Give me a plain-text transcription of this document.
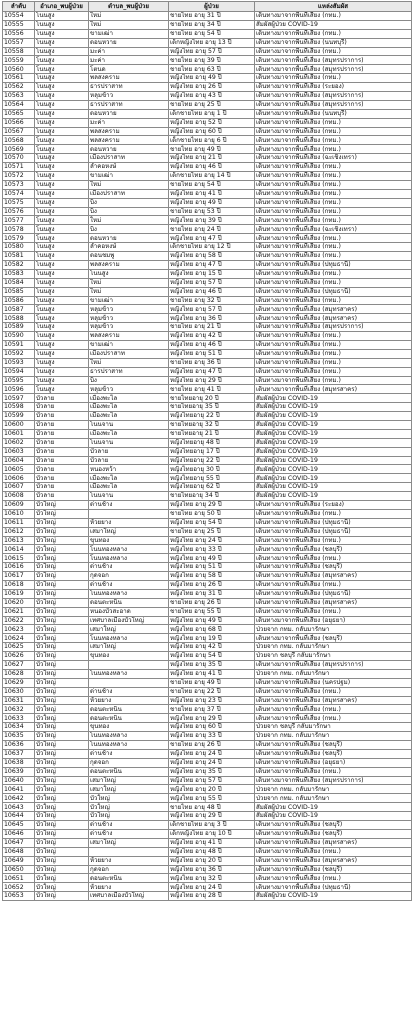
ลำดับ	อำเภอ_พบผู้ป่วย	ตำบล_พบผู้ป่วย	ผู้ป่วย	แหล่งสัมผัส
10554	โนนสูง	ใหม่	ชายไทย อายุ 31 ปี	เดินทางมาจากพื้นที่เสี่ยง (กทม.)
10555	โนนสูง	ใหม่	ชายไทย อายุ 34 ปี	สัมผัสผู้ป่วย COVID-19
10556	โนนสูง	ขามเฒ่า	ชายไทย อายุ 54 ปี	เดินทางมาจากพื้นที่เสี่ยง (กทม.)
10557	โนนสูง	ดอนหวาย	เด็กหญิงไทย อายุ 13 ปี	เดินทางมาจากพื้นที่เสี่ยง (นนทบุรี)
10558	โนนสูง	มะค่า	หญิงไทย อายุ 57 ปี	เดินทางมาจากพื้นที่เสี่ยง (กทม.)
10559	โนนสูง	มะค่า	ชายไทย อายุ 39 ปี	เดินทางมาจากพื้นที่เสี่ยง (สมุทรปราการ)
10560	โนนสูง	โตนด	ชายไทย อายุ 63 ปี	เดินทางมาจากพื้นที่เสี่ยง (สมุทรปราการ)
10561	โนนสูง	พลสงคราม	หญิงไทย อายุ 49 ปี	เดินทางมาจากพื้นที่เสี่ยง (กทม.)
10562	โนนสูง	ธารปราสาท	หญิงไทย อายุ 26 ปี	เดินทางมาจากพื้นที่เสี่ยง (ระยอง)
10563	โนนสูง	หลุมข้าว	หญิงไทย อายุ 43 ปี	เดินทางมาจากพื้นที่เสี่ยง (สมุทรปราการ)
10564	โนนสูง	ธารปราสาท	ชายไทย อายุ 25 ปี	เดินทางมาจากพื้นที่เสี่ยง (สมุทรปราการ)
10565	โนนสูง	ดอนหวาย	เด็กชายไทย อายุ 1 ปี	เดินทางมาจากพื้นที่เสี่ยง (นนทบุรี)
10566	โนนสูง	มะค่า	หญิงไทย อายุ 52 ปี	เดินทางมาจากพื้นที่เสี่ยง (กทม.)
10567	โนนสูง	พลสงคราม	หญิงไทย อายุ 60 ปี	เดินทางมาจากพื้นที่เสี่ยง (กทม.)
10568	โนนสูง	พลสงคราม	เด็กชายไทย อายุ 6 ปี	เดินทางมาจากพื้นที่เสี่ยง (กทม.)
10569	โนนสูง	ดอนหวาย	ชายไทย อายุ 49 ปี	เดินทางมาจากพื้นที่เสี่ยง (กทม.)
10570	โนนสูง	เมืองปราสาท	หญิงไทย อายุ 21 ปี	เดินทางมาจากพื้นที่เสี่ยง (ฉะเชิงเทรา)
10571	โนนสูง	ลำคอหงษ์	หญิงไทย อายุ 46 ปี	เดินทางมาจากพื้นที่เสี่ยง (กทม.)
10572	โนนสูง	ขามเฒ่า	เด็กชายไทย อายุ 14 ปี	เดินทางมาจากพื้นที่เสี่ยง (กทม.)
10573	โนนสูง	ใหม่	ชายไทย อายุ 54 ปี	เดินทางมาจากพื้นที่เสี่ยง (กทม.)
10574	โนนสูง	เมืองปราสาท	หญิงไทย อายุ 41 ปี	เดินทางมาจากพื้นที่เสี่ยง (กทม.)
10575	โนนสูง	บิง	หญิงไทย อายุ 49 ปี	เดินทางมาจากพื้นที่เสี่ยง (กทม.)
10576	โนนสูง	บิง	ชายไทย อายุ 53 ปี	เดินทางมาจากพื้นที่เสี่ยง (กทม.)
10577	โนนสูง	ใหม่	หญิงไทย อายุ 39 ปี	เดินทางมาจากพื้นที่เสี่ยง (กทม.)
10578	โนนสูง	บิง	ชายไทย อายุ 24 ปี	เดินทางมาจากพื้นที่เสี่ยง (ฉะเชิงเทรา)
10579	โนนสูง	ดอนหวาย	หญิงไทย อายุ 47 ปี	เดินทางมาจากพื้นที่เสี่ยง (กทม.)
10580	โนนสูง	ลำคอหงษ์	เด็กชายไทย อายุ 12 ปี	เดินทางมาจากพื้นที่เสี่ยง (กทม.)
10581	โนนสูง	ดอนชมพู	หญิงไทย อายุ 58 ปี	เดินทางมาจากพื้นที่เสี่ยง (กทม.)
10582	โนนสูง	พลสงคราม	หญิงไทย อายุ 47 ปี	เดินทางมาจากพื้นที่เสี่ยง (ปทุมธานี)
10583	โนนสูง	โนนสูง	หญิงไทย อายุ 15 ปี	เดินทางมาจากพื้นที่เสี่ยง (กทม.)
10584	โนนสูง	ใหม่	หญิงไทย อายุ 57 ปี	เดินทางมาจากพื้นที่เสี่ยง (กทม.)
10585	โนนสูง	ใหม่	หญิงไทย อายุ 46 ปี	เดินทางมาจากพื้นที่เสี่ยง (ปทุมธานี)
10586	โนนสูง	ขามเฒ่า	ชายไทย อายุ 32 ปี	เดินทางมาจากพื้นที่เสี่ยง (กทม.)
10587	โนนสูง	หลุมข้าว	หญิงไทย อายุ 57 ปี	เดินทางมาจากพื้นที่เสี่ยง (สมุทรสาคร)
10588	โนนสูง	หลุมข้าว	หญิงไทย อายุ 36 ปี	เดินทางมาจากพื้นที่เสี่ยง (สมุทรสาคร)
10589	โนนสูง	หลุมข้าว	ชายไทย อายุ 21 ปี	เดินทางมาจากพื้นที่เสี่ยง (สมุทรปราการ)
10590	โนนสูง	พลสงคราม	หญิงไทย อายุ 42 ปี	เดินทางมาจากพื้นที่เสี่ยง (กทม.)
10591	โนนสูง	ขามเฒ่า	หญิงไทย อายุ 46 ปี	เดินทางมาจากพื้นที่เสี่ยง (กทม.)
10592	โนนสูง	เมืองปราสาท	หญิงไทย อายุ 51 ปี	เดินทางมาจากพื้นที่เสี่ยง (กทม.)
10593	โนนสูง	ใหม่	ชายไทย อายุ 36 ปี	เดินทางมาจากพื้นที่เสี่ยง (กทม.)
10594	โนนสูง	ธารปราสาท	หญิงไทย อายุ 47 ปี	เดินทางมาจากพื้นที่เสี่ยง (กทม.)
10595	โนนสูง	บิง	หญิงไทย อายุ 29 ปี	เดินทางมาจากพื้นที่เสี่ยง (กทม.)
10596	โนนสูง	หลุมข้าว	ชายไทย อายุ 41 ปี	เดินทางมาจากพื้นที่เสี่ยง (สมุทรสาคร)
10597	บัวลาย	เมืองพะไล	ชายไทยอายุ 20 ปี	สัมผัสผู้ป่วย COVID-19
10598	บัวลาย	เมืองพะไล	ชายไทยอายุ 35 ปี	สัมผัสผู้ป่วย COVID-19
10599	บัวลาย	เมืองพะไล	หญิงไทยอายุ 22 ปี	สัมผัสผู้ป่วย COVID-19
10600	บัวลาย	โนนจาน	ชายไทยอายุ 32 ปี	สัมผัสผู้ป่วย COVID-19
10601	บัวลาย	เมืองพะไล	ชายไทยอายุ 21 ปี	สัมผัสผู้ป่วย COVID-19
10602	บัวลาย	โนนจาน	หญิงไทยอายุ 48 ปี	สัมผัสผู้ป่วย COVID-19
10603	บัวลาย	บัวลาย	หญิงไทยอายุ 17 ปี	สัมผัสผู้ป่วย COVID-19
10604	บัวลาย	บัวลาย	หญิงไทยอายุ 22 ปี	สัมผัสผู้ป่วย COVID-19
10605	บัวลาย	หนองหว้า	หญิงไทยอายุ 30 ปี	สัมผัสผู้ป่วย COVID-19
10606	บัวลาย	เมืองพะไล	หญิงไทยอายุ 55 ปี	สัมผัสผู้ป่วย COVID-19
10607	บัวลาย	เมืองพะไล	หญิงไทยอายุ 62 ปี	สัมผัสผู้ป่วย COVID-19
10608	บัวลาย	โนนจาน	ชายไทยอายุ 34 ปี	สัมผัสผู้ป่วย COVID-19
10609	บัวใหญ่	ด่านช้าง	หญิงไทย อายุ 29 ปี	เดินทางมาจากพื้นที่เสี่ยง (ระยอง)
10610	บัวใหญ่		ชายไทย อายุ 50 ปี	เดินทางมาจากพื้นที่เสี่ยง (กทม.)
10611	บัวใหญ่	ห้วยยาง	หญิงไทย อายุ 54 ปี	เดินทางมาจากพื้นที่เสี่ยง (ปทุมธานี)
10612	บัวใหญ่	เสมาใหญ่	ชายไทย อายุ 25 ปี	เดินทางมาจากพื้นที่เสี่ยง (ปทุมธานี)
10613	บัวใหญ่	ขุนทอง	หญิงไทย อายุ 24 ปี	เดินทางมาจากพื้นที่เสี่ยง (กทม.)
10614	บัวใหญ่	โนนทองหลาง	หญิงไทย อายุ 33 ปี	เดินทางมาจากพื้นที่เสี่ยง (ชลบุรี)
10615	บัวใหญ่	โนนทองหลาง	หญิงไทย อายุ 49 ปี	เดินทางมาจากพื้นที่เสี่ยง (กทม.)
10616	บัวใหญ่	ด่านช้าง	หญิงไทย อายุ 51 ปี	เดินทางมาจากพื้นที่เสี่ยง (ชลบุรี)
10617	บัวใหญ่	กุดจอก	หญิงไทย อายุ 58 ปี	เดินทางมาจากพื้นที่เสี่ยง (สมุทรสาคร)
10618	บัวใหญ่	ด่านช้าง	หญิงไทย อายุ 26 ปี	เดินทางมาจากพื้นที่เสี่ยง (กทม.)
10619	บัวใหญ่	โนนทองหลาง	หญิงไทย อายุ 31 ปี	เดินทางมาจากพื้นที่เสี่ยง (ปทุมธานี)
10620	บัวใหญ่	ดอนตะหนิน	ชายไทย อายุ 26 ปี	เดินทางมาจากพื้นที่เสี่ยง (สมุทรสาคร)
10621	บัวใหญ่	หนองบัวสะอาด	ชายไทย อายุ 55 ปี	เดินทางมาจากพื้นที่เสี่ยง (กทม.)
10622	บัวใหญ่	เทศบาลเมืองบัวใหญ่	หญิงไทย อายุ 49 ปี	เดินทางมาจากพื้นที่เสี่ยง (อยุธยา)
10623	บัวใหญ่	เสมาใหญ่	หญิงไทย อายุ 68 ปี	ป่วยจาก กทม. กลับมารักษา
10624	บัวใหญ่	โนนทองหลาง	หญิงไทย อายุ 19 ปี	เดินทางมาจากพื้นที่เสี่ยง (ชลบุรี)
10625	บัวใหญ่	เสมาใหญ่	หญิงไทย อายุ 42 ปี	ป่วยจาก กทม. กลับมารักษา
10626	บัวใหญ่	ขุนทอง	หญิงไทย อายุ 54 ปี	ป่วยจาก ชลบุรี กลับมารักษา
10627	บัวใหญ่		หญิงไทย อายุ 35 ปี	เดินทางมาจากพื้นที่เสี่ยง (สมุทรปราการ)
10628	บัวใหญ่	โนนทองหลาง	หญิงไทย อายุ 41 ปี	ป่วยจาก กทม. กลับมารักษา
10629	บัวใหญ่		ชายไทย อายุ 49 ปี	เดินทางมาจากพื้นที่เสี่ยง (นครปฐม)
10630	บัวใหญ่	ด่านช้าง	ชายไทย อายุ 22 ปี	เดินทางมาจากพื้นที่เสี่ยง (กทม.)
10631	บัวใหญ่	ห้วยยาง	หญิงไทย อายุ 23 ปี	เดินทางมาจากพื้นที่เสี่ยง (สมุทรสาคร)
10632	บัวใหญ่	ดอนตะหนิน	ชายไทย อายุ 37 ปี	เดินทางมาจากพื้นที่เสี่ยง (กทม.)
10633	บัวใหญ่	ดอนตะหนิน	หญิงไทย อายุ 29 ปี	เดินทางมาจากพื้นที่เสี่ยง (กทม.)
10634	บัวใหญ่	ขุนทอง	หญิงไทย อายุ 60 ปี	ป่วยจาก ชลบุรี กลับมารักษา
10635	บัวใหญ่	โนนทองหลาง	หญิงไทย อายุ 33 ปี	ป่วยจาก กทม. กลับมารักษา
10636	บัวใหญ่	โนนทองหลาง	ชายไทย อายุ 26 ปี	เดินทางมาจากพื้นที่เสี่ยง (ชลบุรี)
10637	บัวใหญ่	ด่านช้าง	หญิงไทย อายุ 24 ปี	เดินทางมาจากพื้นที่เสี่ยง (ชลบุรี)
10638	บัวใหญ่	กุดจอก	หญิงไทย อายุ 24 ปี	เดินทางมาจากพื้นที่เสี่ยง (อยุธยา)
10639	บัวใหญ่	ดอนตะหนิน	หญิงไทย อายุ 35 ปี	เดินทางมาจากพื้นที่เสี่ยง (กทม.)
10640	บัวใหญ่	เสมาใหญ่	หญิงไทย อายุ 57 ปี	เดินทางมาจากพื้นที่เสี่ยง (สมุทรปราการ)
10641	บัวใหญ่	เสมาใหญ่	หญิงไทย อายุ 20 ปี	ป่วยจาก กทม. กลับมารักษา
10642	บัวใหญ่	บัวใหญ่	หญิงไทย อายุ 55 ปี	ป่วยจาก กทม. กลับมารักษา
10643	บัวใหญ่	บัวใหญ่	ชายไทย อายุ 48 ปี	สัมผัสผู้ป่วย COVID-19
10644	บัวใหญ่	บัวใหญ่	หญิงไทย อายุ 29 ปี	สัมผัสผู้ป่วย COVID-19
10645	บัวใหญ่	ด่านช้าง	เด็กชายไทย อายุ 3 ปี	เดินทางมาจากพื้นที่เสี่ยง (ชลบุรี)
10646	บัวใหญ่	ด่านช้าง	เด็กหญิงไทย อายุ 10 ปี	เดินทางมาจากพื้นที่เสี่ยง (ชลบุรี)
10647	บัวใหญ่	เสมาใหญ่	หญิงไทย อายุ 41 ปี	เดินทางมาจากพื้นที่เสี่ยง (สมุทรสาคร)
10648	บัวใหญ่		หญิงไทย อายุ 48 ปี	เดินทางมาจากพื้นที่เสี่ยง (กทม.)
10649	บัวใหญ่	ห้วยยาง	หญิงไทย อายุ 20 ปี	เดินทางมาจากพื้นที่เสี่ยง (สมุทรสาคร)
10650	บัวใหญ่	กุดจอก	หญิงไทย อายุ 36 ปี	เดินทางมาจากพื้นที่เสี่ยง (ชลบุรี)
10651	บัวใหญ่	ดอนตะหนิน	หญิงไทย อายุ 32 ปี	เดินทางมาจากพื้นที่เสี่ยง (กทม.)
10652	บัวใหญ่	ห้วยยาง	หญิงไทย อายุ 24 ปี	เดินทางมาจากพื้นที่เสี่ยง (ปทุมธานี)
10653	บัวใหญ่	เทศบาลเมืองบัวใหญ่	หญิงไทย อายุ 28 ปี	สัมผัสผู้ป่วย COVID-19
